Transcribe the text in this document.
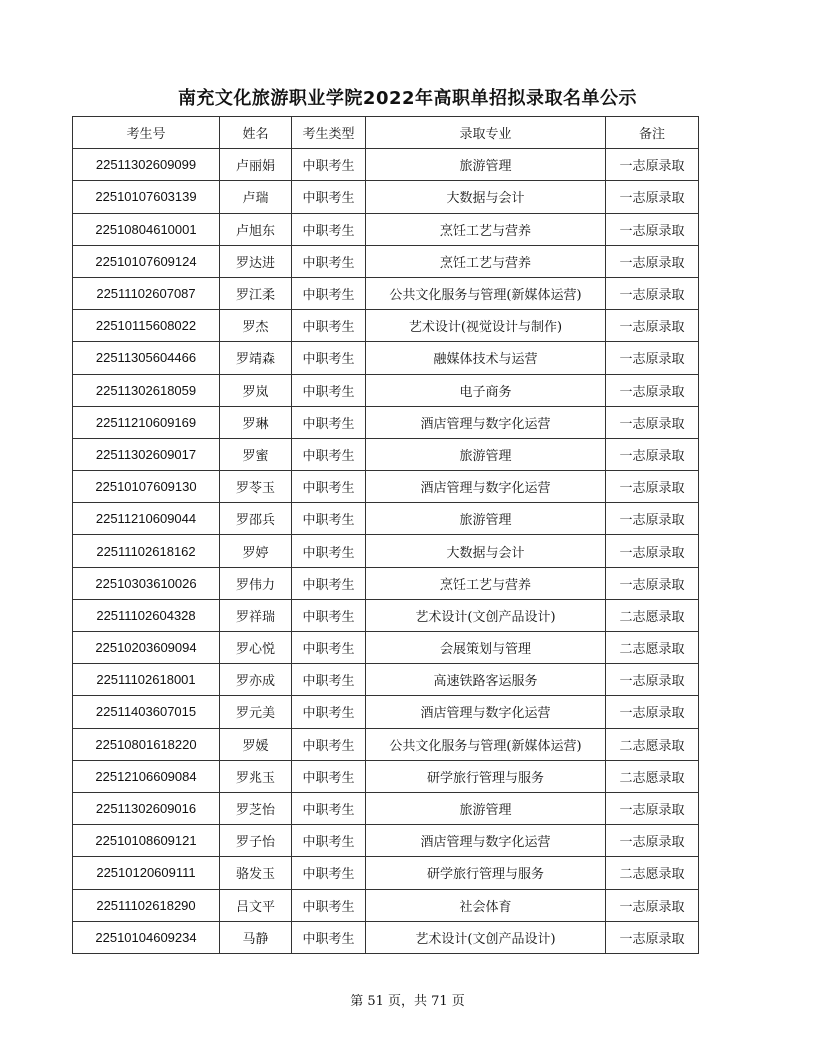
南充文化旅游职业学院2022年高职单招拟录取名单公示
考生号	姓名	考生类型	录取专业	备注
22511302609099	卢丽娟	中职考生	旅游管理	一志原录取
22510107603139	卢瑞	中职考生	大数据与会计	一志原录取
22510804610001	卢旭东	中职考生	烹饪工艺与营养	一志原录取
22510107609124	罗达进	中职考生	烹饪工艺与营养	一志原录取
22511102607087	罗江柔	中职考生	公共文化服务与管理(新媒体运营)	一志原录取
22510115608022	罗杰	中职考生	艺术设计(视觉设计与制作)	一志原录取
22511305604466	罗靖森	中职考生	融媒体技术与运营	一志原录取
22511302618059	罗岚	中职考生	电子商务	一志原录取
22511210609169	罗琳	中职考生	酒店管理与数字化运营	一志原录取
22511302609017	罗蜜	中职考生	旅游管理	一志原录取
22510107609130	罗苓玉	中职考生	酒店管理与数字化运营	一志原录取
22511210609044	罗邵兵	中职考生	旅游管理	一志原录取
22511102618162	罗婷	中职考生	大数据与会计	一志原录取
22510303610026	罗伟力	中职考生	烹饪工艺与营养	一志原录取
22511102604328	罗祥瑞	中职考生	艺术设计(文创产品设计)	二志愿录取
22510203609094	罗心悦	中职考生	会展策划与管理	二志愿录取
22511102618001	罗亦成	中职考生	高速铁路客运服务	一志原录取
22511403607015	罗元美	中职考生	酒店管理与数字化运营	一志原录取
22510801618220	罗媛	中职考生	公共文化服务与管理(新媒体运营)	二志愿录取
22512106609084	罗兆玉	中职考生	研学旅行管理与服务	二志愿录取
22511302609016	罗芝怡	中职考生	旅游管理	一志原录取
22510108609121	罗子怡	中职考生	酒店管理与数字化运营	一志原录取
22510120609111	骆发玉	中职考生	研学旅行管理与服务	二志愿录取
22511102618290	吕文平	中职考生	社会体育	一志原录取
22510104609234	马静	中职考生	艺术设计(文创产品设计)	一志原录取
第 51 页，共 71 页
